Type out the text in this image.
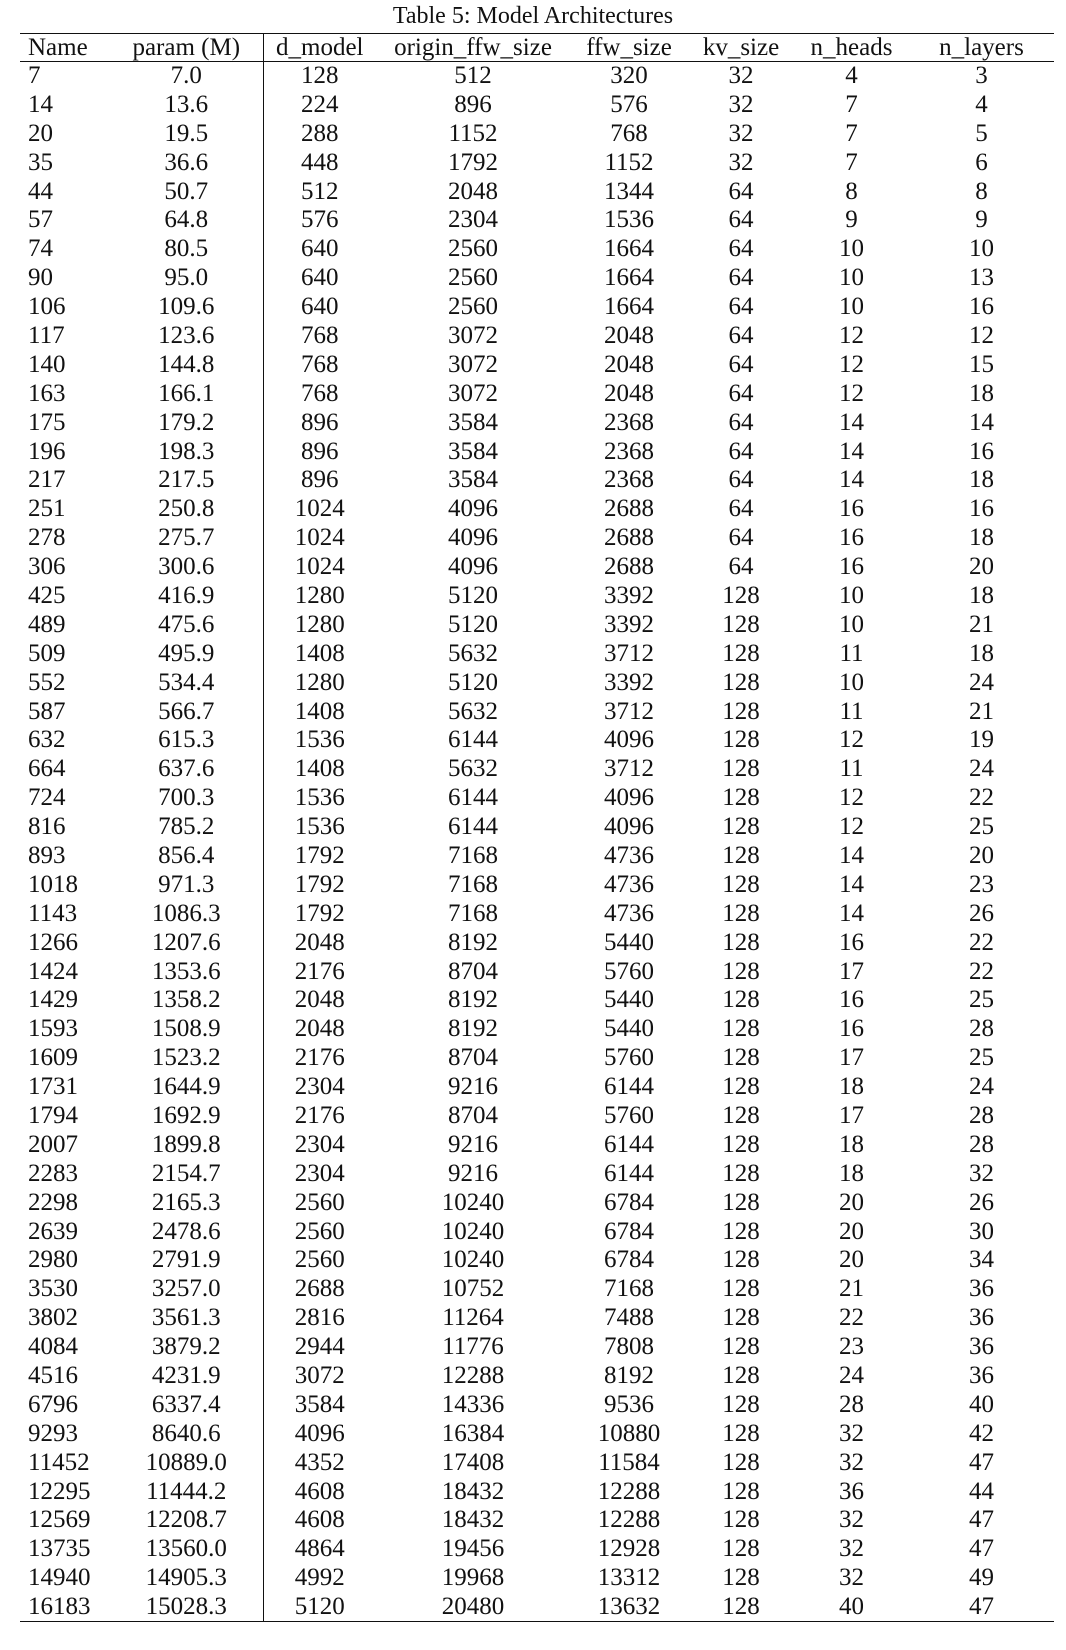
Table 5: Model Architectures
Name	param (M)	d_model	origin_ffw_size	ffw_size	kv_size	n_heads	n_layers
7	7.0	128	512	320	32	4	3
14	13.6	224	896	576	32	7	4
20	19.5	288	1152	768	32	7	5
35	36.6	448	1792	1152	32	7	6
44	50.7	512	2048	1344	64	8	8
57	64.8	576	2304	1536	64	9	9
74	80.5	640	2560	1664	64	10	10
90	95.0	640	2560	1664	64	10	13
106	109.6	640	2560	1664	64	10	16
117	123.6	768	3072	2048	64	12	12
140	144.8	768	3072	2048	64	12	15
163	166.1	768	3072	2048	64	12	18
175	179.2	896	3584	2368	64	14	14
196	198.3	896	3584	2368	64	14	16
217	217.5	896	3584	2368	64	14	18
251	250.8	1024	4096	2688	64	16	16
278	275.7	1024	4096	2688	64	16	18
306	300.6	1024	4096	2688	64	16	20
425	416.9	1280	5120	3392	128	10	18
489	475.6	1280	5120	3392	128	10	21
509	495.9	1408	5632	3712	128	11	18
552	534.4	1280	5120	3392	128	10	24
587	566.7	1408	5632	3712	128	11	21
632	615.3	1536	6144	4096	128	12	19
664	637.6	1408	5632	3712	128	11	24
724	700.3	1536	6144	4096	128	12	22
816	785.2	1536	6144	4096	128	12	25
893	856.4	1792	7168	4736	128	14	20
1018	971.3	1792	7168	4736	128	14	23
1143	1086.3	1792	7168	4736	128	14	26
1266	1207.6	2048	8192	5440	128	16	22
1424	1353.6	2176	8704	5760	128	17	22
1429	1358.2	2048	8192	5440	128	16	25
1593	1508.9	2048	8192	5440	128	16	28
1609	1523.2	2176	8704	5760	128	17	25
1731	1644.9	2304	9216	6144	128	18	24
1794	1692.9	2176	8704	5760	128	17	28
2007	1899.8	2304	9216	6144	128	18	28
2283	2154.7	2304	9216	6144	128	18	32
2298	2165.3	2560	10240	6784	128	20	26
2639	2478.6	2560	10240	6784	128	20	30
2980	2791.9	2560	10240	6784	128	20	34
3530	3257.0	2688	10752	7168	128	21	36
3802	3561.3	2816	11264	7488	128	22	36
4084	3879.2	2944	11776	7808	128	23	36
4516	4231.9	3072	12288	8192	128	24	36
6796	6337.4	3584	14336	9536	128	28	40
9293	8640.6	4096	16384	10880	128	32	42
11452	10889.0	4352	17408	11584	128	32	47
12295	11444.2	4608	18432	12288	128	36	44
12569	12208.7	4608	18432	12288	128	32	47
13735	13560.0	4864	19456	12928	128	32	47
14940	14905.3	4992	19968	13312	128	32	49
16183	15028.3	5120	20480	13632	128	40	47
